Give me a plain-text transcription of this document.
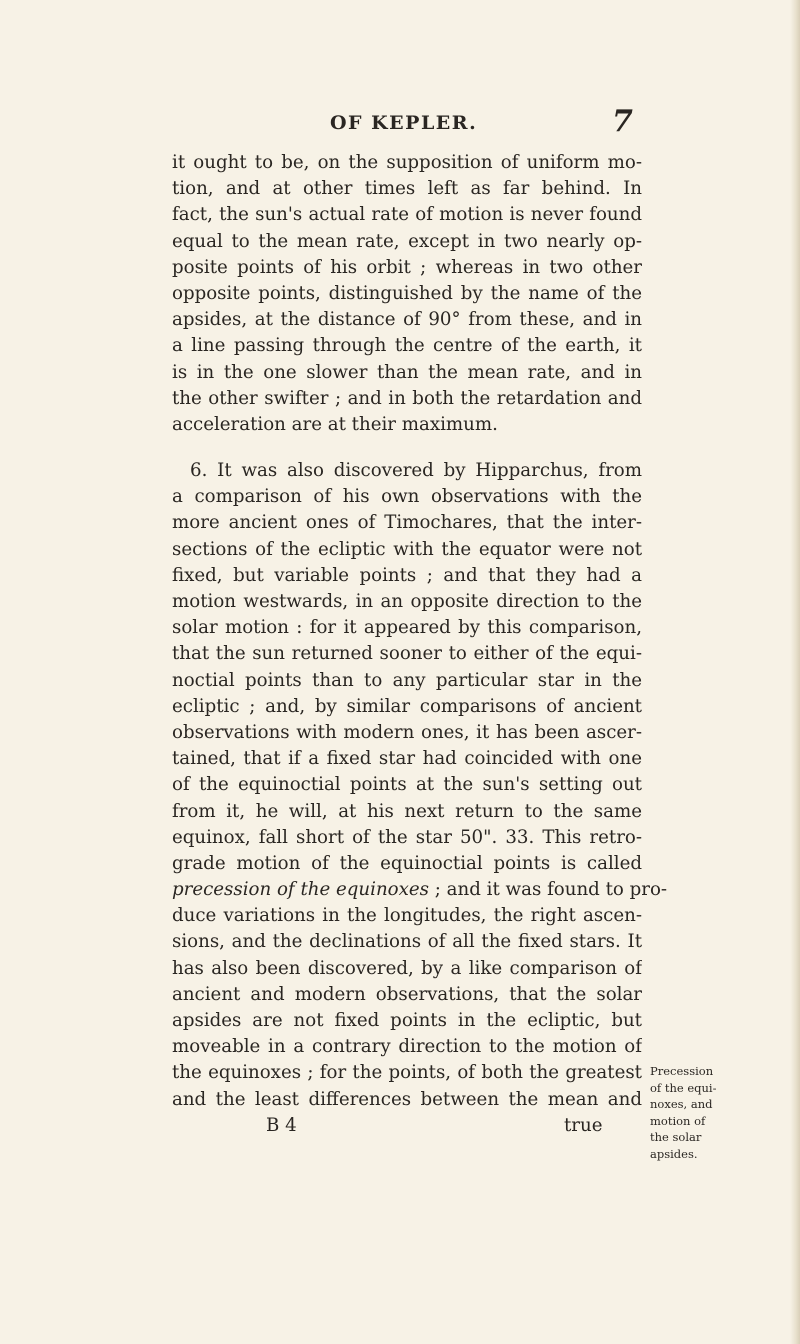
OF KEPLER.	7
it ought to be, on the supposition of uniform mo-
tion, and at other times left as far behind. In
fact, the sun's actual rate of motion is never found
equal to the mean rate, except in two nearly op-
posite points of his orbit ; whereas in two other
opposite points, distinguished by the name of the
apsides, at the distance of 90° from these, and in
a line passing through the centre of the earth, it
is in the one slower than the mean rate, and in
the other swifter ; and in both the retardation and
acceleration are at their maximum.
6. It was also discovered by Hipparchus, from
a comparison of his own observations with the
more ancient ones of Timochares, that the inter-
sections of the ecliptic with the equator were not
fixed, but variable points ; and that they had a
motion westwards, in an opposite direction to the
solar motion : for it appeared by this comparison,
that the sun returned sooner to either of the equi-
noctial points than to any particular star in the
ecliptic ; and, by similar comparisons of ancient
observations with modern ones, it has been ascer-
tained, that if a fixed star had coincided with one
of the equinoctial points at the sun's setting out
from it, he will, at his next return to the same
equinox, fall short of the star 50". 33. This retro-
grade motion of the equinoctial points is called
precession of the equinoxes ; and it was found to pro-
duce variations in the longitudes, the right ascen-
sions, and the declinations of all the fixed stars. It
has also been discovered, by a like comparison of
ancient and modern observations, that the solar
apsides are not fixed points in the ecliptic, but
moveable in a contrary direction to the motion of
the equinoxes ; for the points, of both the greatest
and the least differences between the mean and
B 4	true
Precession
of the equi-
noxes, and
motion of
the solar
apsides.
